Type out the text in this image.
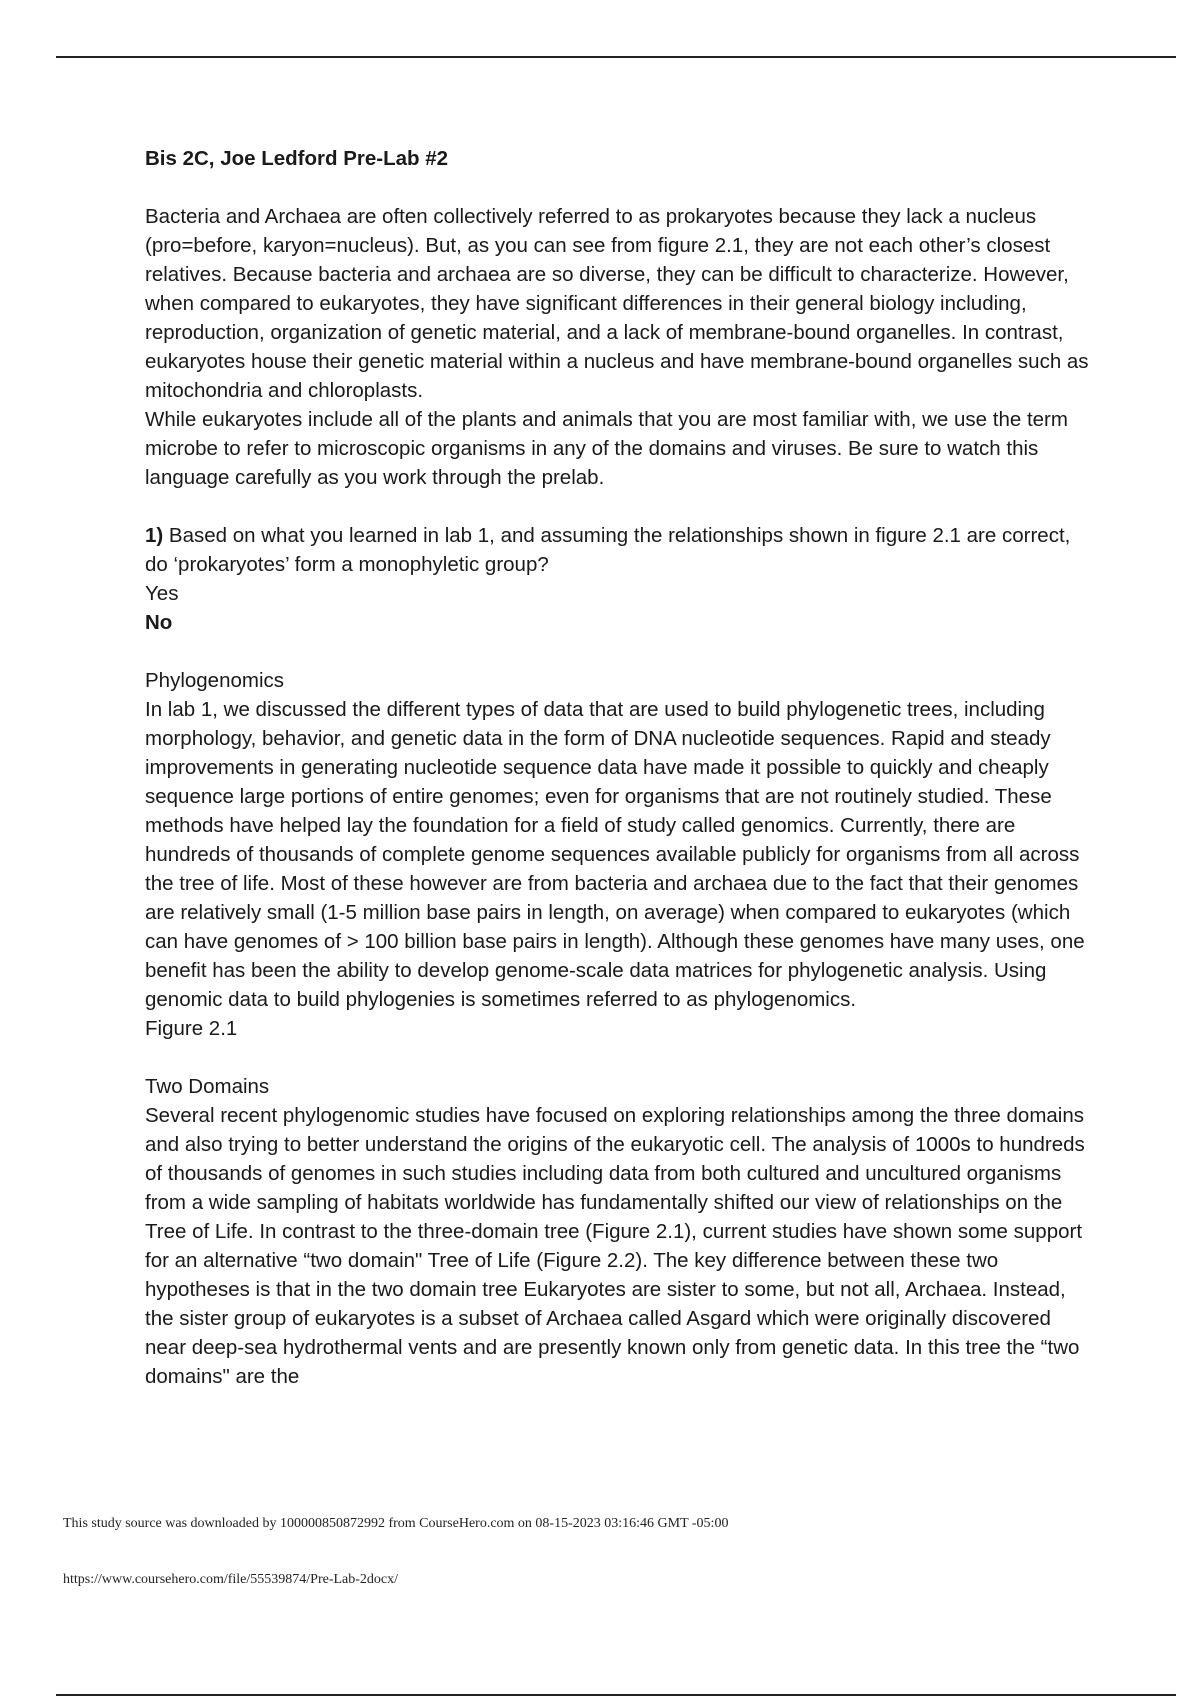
Bis 2C, Joe Ledford Pre-Lab #2

Bacteria and Archaea are often collectively referred to as prokaryotes because they lack a nucleus (pro=before, karyon=nucleus). But, as you can see from figure 2.1, they are not each other’s closest relatives. Because bacteria and archaea are so diverse, they can be difficult to characterize. However, when compared to eukaryotes, they have significant differences in their general biology including, reproduction, organization of genetic material, and a lack of membrane-bound organelles. In contrast, eukaryotes house their genetic material within a nucleus and have membrane-bound organelles such as mitochondria and chloroplasts.

While eukaryotes include all of the plants and animals that you are most familiar with, we use the term microbe to refer to microscopic organisms in any of the domains and viruses. Be sure to watch this language carefully as you work through the prelab.

1) Based on what you learned in lab 1, and assuming the relationships shown in figure 2.1 are correct, do ‘prokaryotes’ form a monophyletic group?

Yes

No

Phylogenomics

In lab 1, we discussed the different types of data that are used to build phylogenetic trees, including morphology, behavior, and genetic data in the form of DNA nucleotide sequences. Rapid and steady improvements in generating nucleotide sequence data have made it possible to quickly and cheaply sequence large portions of entire genomes; even for organisms that are not routinely studied. These methods have helped lay the foundation for a field of study called genomics. Currently, there are hundreds of thousands of complete genome sequences available publicly for organisms from all across the tree of life. Most of these however are from bacteria and archaea due to the fact that their genomes are relatively small (1-5 million base pairs in length, on average) when compared to eukaryotes (which can have genomes of > 100 billion base pairs in length). Although these genomes have many uses, one benefit has been the ability to develop genome-scale data matrices for phylogenetic analysis. Using genomic data to build phylogenies is sometimes referred to as phylogenomics.

Figure 2.1

Two Domains

Several recent phylogenomic studies have focused on exploring relationships among the three domains and also trying to better understand the origins of the eukaryotic cell. The analysis of 1000s to hundreds of thousands of genomes in such studies including data from both cultured and uncultured organisms from a wide sampling of habitats worldwide has fundamentally shifted our view of relationships on the Tree of Life. In contrast to the three-domain tree (Figure 2.1), current studies have shown some support for an alternative “two domain" Tree of Life (Figure 2.2). The key difference between these two hypotheses is that in the two domain tree Eukaryotes are sister to some, but not all, Archaea. Instead, the sister group of eukaryotes is a subset of Archaea called Asgard which were originally discovered near deep-sea hydrothermal vents and are presently known only from genetic data. In this tree the “two domains" are the

This study source was downloaded by 100000850872992 from CourseHero.com on 08-15-2023 03:16:46 GMT -05:00
https://www.coursehero.com/file/55539874/Pre-Lab-2docx/
